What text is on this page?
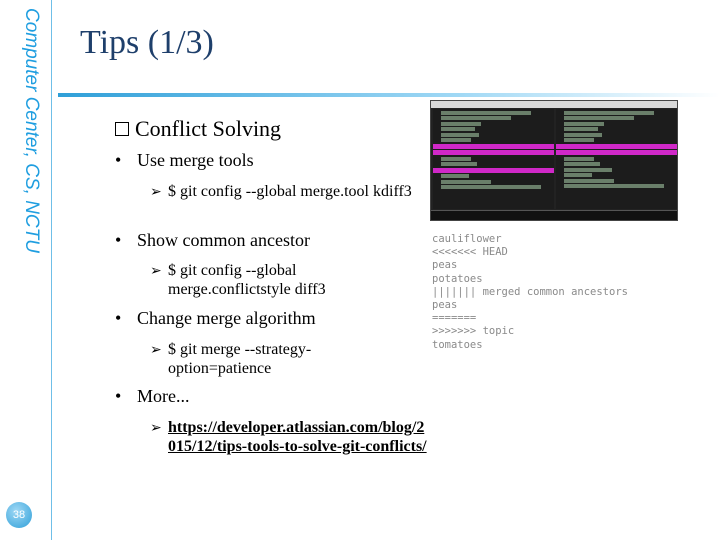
Computer Center, CS, NCTU
38
Tips (1/3)
Conflict Solving
• Use merge tools
➢ $ git config --global merge.tool kdiff3
• Show common ancestor
➢ $ git config --global merge.conflictstyle diff3
• Change merge algorithm
➢ $ git merge --strategy-option=patience
• More...
➢ https://developer.atlassian.com/blog/2015/12/tips-tools-to-solve-git-conflicts/
cauliflower
<<<<<<< HEAD
peas
potatoes
||||||| merged common ancestors
peas
=======
>>>>>>> topic
tomatoes
